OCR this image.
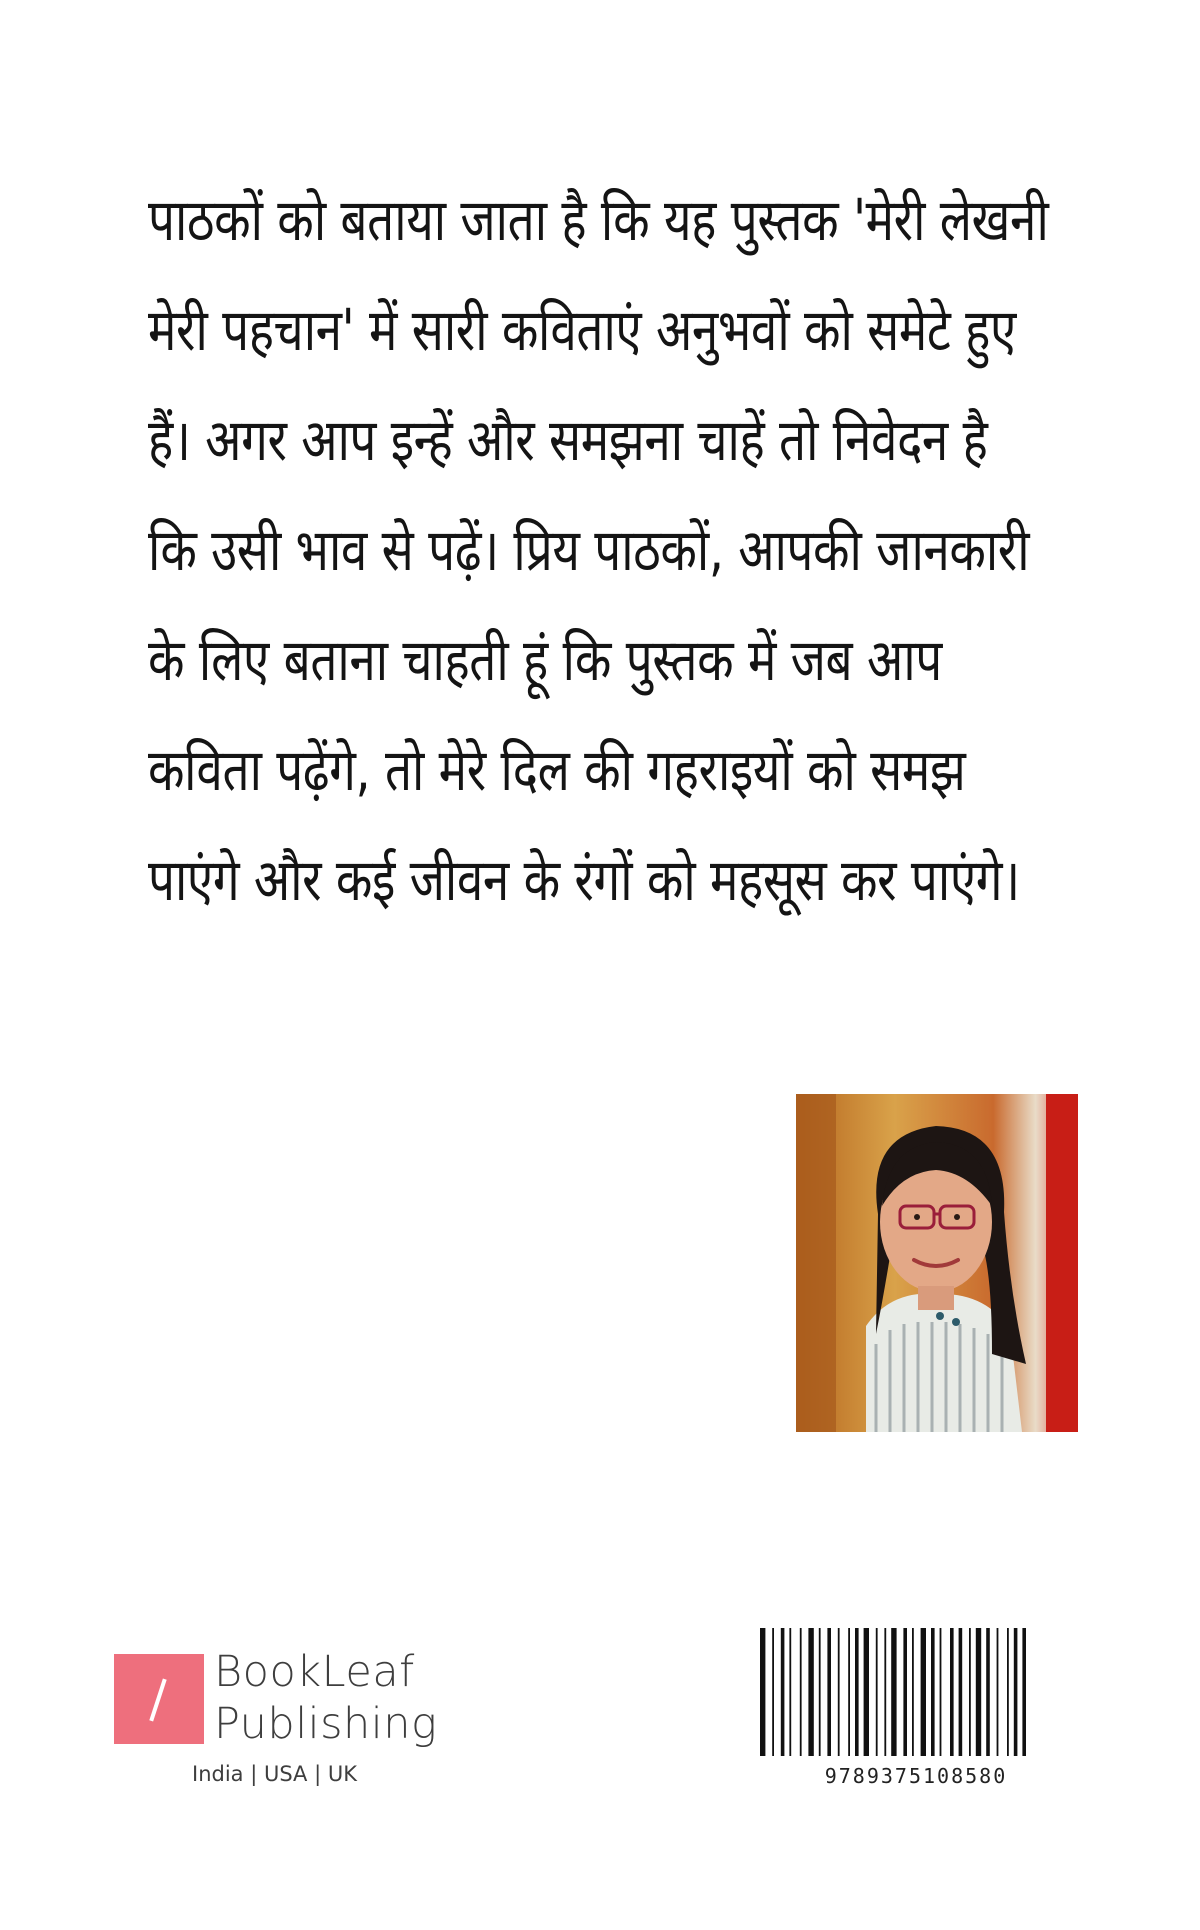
पाठकों को बताया जाता है कि यह पुस्तक 'मेरी लेखनी
मेरी पहचान' में सारी कविताएं अनुभवों को समेटे हुए
हैं। अगर आप इन्हें और समझना चाहें तो निवेदन है
कि उसी भाव से पढ़ें। प्रिय पाठकों, आपकी जानकारी
के लिए बताना चाहती हूं कि पुस्तक में जब आप
कविता पढ़ेंगे, तो मेरे दिल की गहराइयों को समझ
पाएंगे और कई जीवन के रंगों को महसूस कर पाएंगे।
BookLeaf
Publishing
India | USA | UK	9789375108580
